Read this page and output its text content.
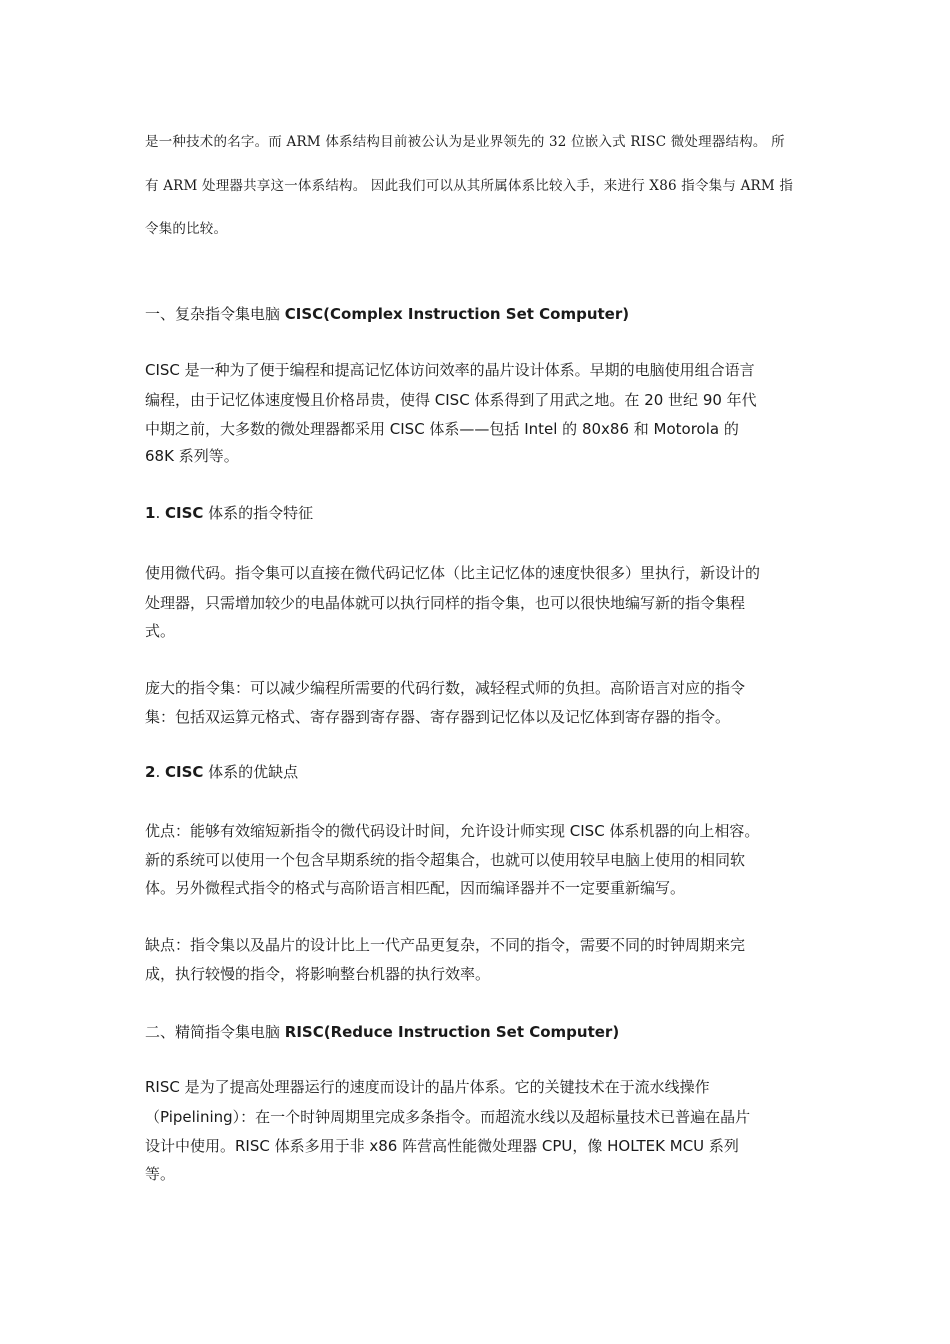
是一种技术的名字。而 ARM 体系结构目前被公认为是业界领先的 32 位嵌入式 RISC 微处理器结构。 所
有 ARM 处理器共享这一体系结构。 因此我们可以从其所属体系比较入手，来进行 X86 指令集与 ARM 指
令集的比较。
一、复杂指令集电脑 CISC(Complex Instruction Set Computer)
CISC 是一种为了便于编程和提高记忆体访问效率的晶片设计体系。早期的电脑使用组合语言
编程，由于记忆体速度慢且价格昂贵，使得 CISC 体系得到了用武之地。在 20 世纪 90 年代
中期之前，大多数的微处理器都采用 CISC 体系——包括 Intel 的 80x86 和 Motorola 的
68K 系列等。
1. CISC 体系的指令特征
使用微代码。指令集可以直接在微代码记忆体（比主记忆体的速度快很多）里执行，新设计的
处理器，只需增加较少的电晶体就可以执行同样的指令集，也可以很快地编写新的指令集程
式。
庞大的指令集：可以减少编程所需要的代码行数，减轻程式师的负担。高阶语言对应的指令
集：包括双运算元格式、寄存器到寄存器、寄存器到记忆体以及记忆体到寄存器的指令。
2. CISC 体系的优缺点
优点：能够有效缩短新指令的微代码设计时间，允许设计师实现 CISC 体系机器的向上相容。
新的系统可以使用一个包含早期系统的指令超集合，也就可以使用较早电脑上使用的相同软
体。另外微程式指令的格式与高阶语言相匹配，因而编译器并不一定要重新编写。
缺点：指令集以及晶片的设计比上一代产品更复杂，不同的指令，需要不同的时钟周期来完
成，执行较慢的指令，将影响整台机器的执行效率。
二、精简指令集电脑 RISC(Reduce Instruction Set Computer)
RISC 是为了提高处理器运行的速度而设计的晶片体系。它的关键技术在于流水线操作
（Pipelining）：在一个时钟周期里完成多条指令。而超流水线以及超标量技术已普遍在晶片
设计中使用。RISC 体系多用于非 x86 阵营高性能微处理器 CPU，像 HOLTEK MCU 系列
等。
